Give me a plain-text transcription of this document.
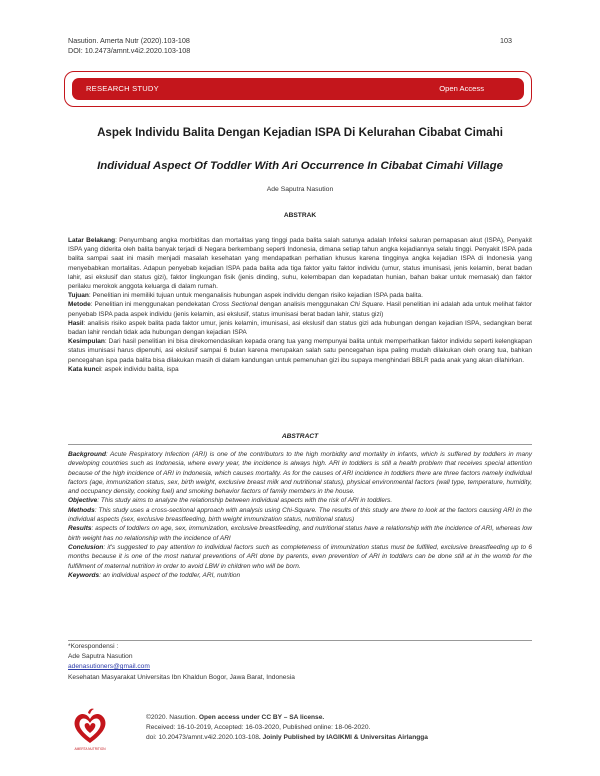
Nasution. Amerta Nutr (2020).103-108
DOI: 10.2473/amnt.v4i2.2020.103-108
103
RESEARCH STUDY	Open Access
Aspek Individu Balita Dengan Kejadian ISPA Di Kelurahan Cibabat Cimahi
Individual Aspect Of Toddler With Ari Occurrence In Cibabat Cimahi Village
Ade Saputra Nasution
ABSTRAK

Latar Belakang: Penyumbang angka morbiditas dan mortalitas yang tinggi pada balita salah satunya adalah Infeksi saluran pernapasan akut (ISPA), Penyakit ISPA yang diderita oleh balita banyak terjadi di Negara berkembang seperti Indonesia, dimana setiap tahun angka kejadiannya selalu tinggi. Penyakit ISPA pada balita sampai saat ini masih menjadi masalah kesehatan yang mendapatkan perhatian khusus karena tingginya angka kejadian ISPA di Indonesia yang menyebabkan mortalitas. Adapun penyebab kejadian ISPA pada balita ada tiga faktor yaitu faktor individu (umur, status imunisasi, jenis kelamin, berat badan lahir, asi ekslusif dan status gizi), faktor lingkungan fisik (jenis dinding, suhu, kelembapan dan kepadatan hunian, bahan bakar untuk memasak) dan faktor perilaku merokok anggota keluarga di dalam rumah.

Tujuan: Penelitian ini memiliki tujuan untuk menganalisis hubungan aspek individu dengan risiko kejadian ISPA pada balita.

Metode: Penelitian ini menggunakan pendekatan Cross Sectional dengan analisis menggunakan Chi Square. Hasil penelitian ini adalah ada untuk melihat faktor penyebab ISPA pada aspek individu (jenis kelamin, asi ekslusif, status imunisasi berat badan lahir, status gizi)

Hasil: analisis risiko aspek balita pada faktor umur, jenis kelamin, imunisasi, asi ekslusif dan status gizi ada hubungan dengan kejadian ISPA, sedangkan berat badan lahir rendah tidak ada hubungan dengan kejadian ISPA

Kesimpulan: Dari hasil penelitian ini bisa direkomendasikan kepada orang tua yang mempunyai balita untuk memperhatikan faktor individu seperti kelengkapan status imunisasi harus dipenuhi, asi ekslusif sampai 6 bulan karena merupakan salah satu pencegahan ispa paling mudah dilakukan oleh orang tua, bahkan pencegahan ispa pada balita bisa dilakukan masih di dalam kandungan untuk pemenuhan gizi ibu supaya menghindari BBLR pada anak yang akan dilahirkan.

Kata kunci: aspek individu balita, ispa

ABSTRACT

Background: Acute Respiratory Infection (ARI) is one of the contributors to the high morbidity and mortality in infants, which is suffered by toddlers in many developing countries such as Indonesia, where every year, the incidence is always high. ARI in toddlers is still a health problem that receives special attention because of the high incidence of ARI in Indonesia, which causes mortality. As for the causes of ARI incidence in toddlers there are three factors namely individual factors (age, immunization status, sex, birth weight, exclusive breast milk and nutritional status), physical environmental factors (wall type, temperature, humidity, and occupancy density, cooking fuel) and smoking behavior factors of family members in the house.

Objective: This study aims to analyze the relationship between individual aspects with the risk of ARI in toddlers.

Methods: This study uses a cross-sectional approach with analysis using Chi-Square. The results of this study are there to look at the factors causing ARI in the individual aspects (sex, exclusive breastfeeding, birth weight immunization status, nutritional status)

Results: aspects of toddlers on age, sex, immunization, exclusive breastfeeding, and nutritional status have a relationship with the incidence of ARI, whereas low birth weight has no relationship with the incidence of ARI

Conclusion: it's suggested to pay attention to individual factors such as completeness of immunization status must be fulfilled, exclusive breastfeeding up to 6 months because it is one of the most natural preventions of ARI done by parents, even prevention of ARI in toddlers can be done still at in the womb for the fulfillment of maternal nutrition in order to avoid LBW in children who will be born.

Keywords: an individual aspect of the toddler, ARI, nutrition

*Korespondensi :
Ade Saputra Nasution
adenasutioners@gmail.com
Kesehatan Masyarakat Universitas Ibn Khaldun Bogor, Jawa Barat, Indonesia
AMERTA NUTRITION
©2020. Nasution. Open access under CC BY – SA license.
Received: 16-10-2019, Accepted: 16-03-2020, Published online: 18-06-2020.
doi: 10.20473/amnt.v4i2.2020.103-108. Joinly Published by IAGIKMI & Universitas Airlangga
